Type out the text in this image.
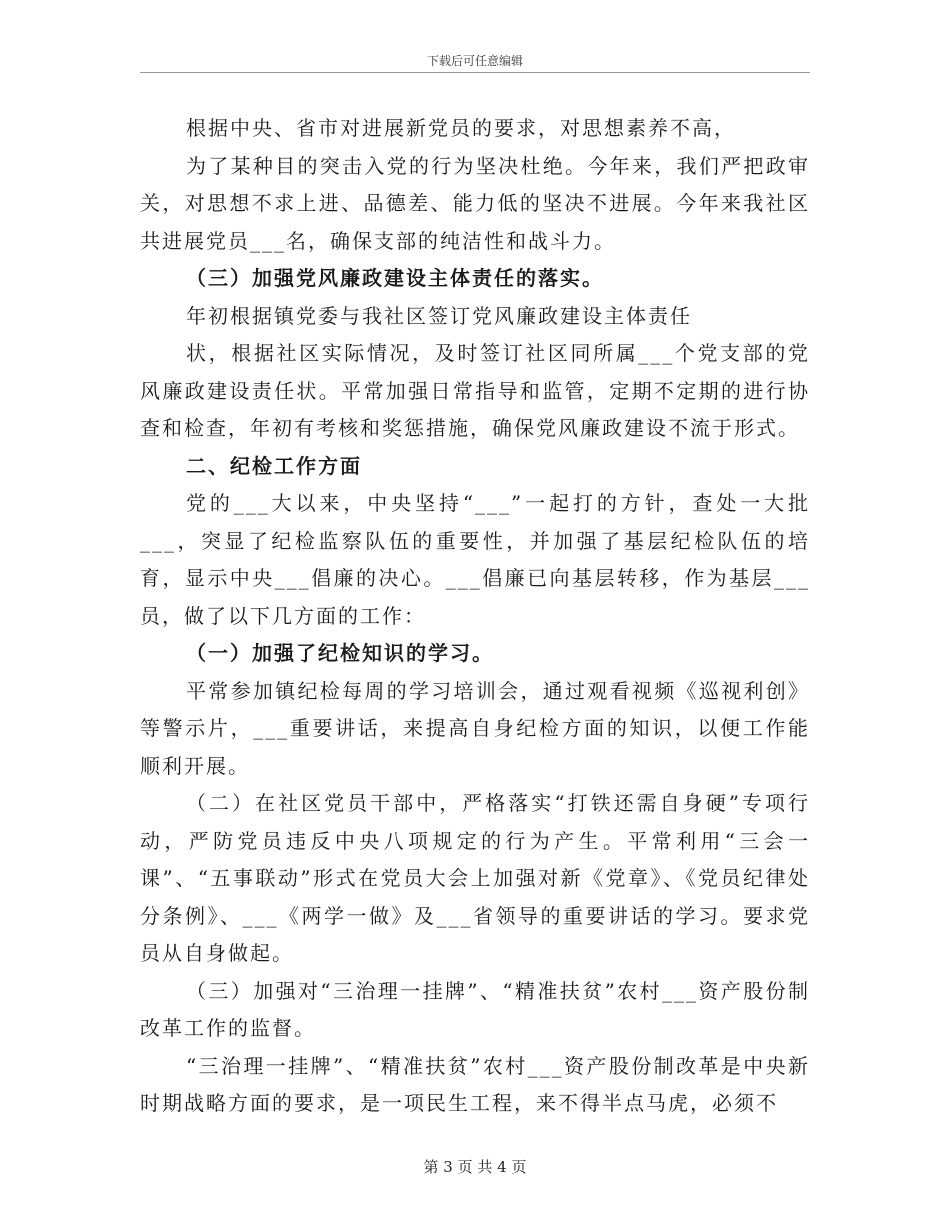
下载后可任意编辑

根据中央、省市对进展新党员的要求，对思想素养不高，

为了某种目的突击入党的行为坚决杜绝。今年来，我们严把政审关，对思想不求上进、品德差、能力低的坚决不进展。今年来我社区共进展党员___名，确保支部的纯洁性和战斗力。

（三）加强党风廉政建设主体责任的落实。

年初根据镇党委与我社区签订党风廉政建设主体责任

状，根据社区实际情况，及时签订社区同所属___个党支部的党风廉政建设责任状。平常加强日常指导和监管，定期不定期的进行协查和检查，年初有考核和奖惩措施，确保党风廉政建设不流于形式。

二、纪检工作方面

党的___大以来，中央坚持“___”一起打的方针，查处一大批___，突显了纪检监察队伍的重要性，并加强了基层纪检队伍的培育，显示中央___倡廉的决心。___倡廉已向基层转移，作为基层___员，做了以下几方面的工作：

（一）加强了纪检知识的学习。

平常参加镇纪检每周的学习培训会，通过观看视频《巡视利创》等警示片，___重要讲话，来提高自身纪检方面的知识，以便工作能顺利开展。

（二）在社区党员干部中，严格落实“打铁还需自身硬”专项行动，严防党员违反中央八项规定的行为产生。平常利用“三会一课”、“五事联动”形式在党员大会上加强对新《党章》、《党员纪律处分条例》、___《两学一做》及___省领导的重要讲话的学习。要求党员从自身做起。

（三）加强对“三治理一挂牌”、“精准扶贫”农村___资产股份制改革工作的监督。

“三治理一挂牌”、“精准扶贫”农村___资产股份制改革是中央新时期战略方面的要求，是一项民生工程，来不得半点马虎，必须不

第 3 页 共 4 页
